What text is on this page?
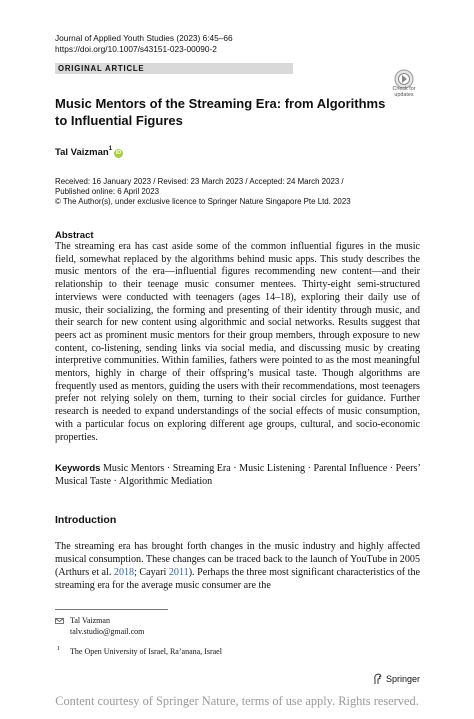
Journal of Applied Youth Studies (2023) 6:45–66
https://doi.org/10.1007/s43151-023-00090-2
ORIGINAL ARTICLE
Check for
updates
Music Mentors of the Streaming Era: from Algorithms
to Influential Figures
Tal Vaizman 1
iD
Received: 16 January 2023 / Revised: 23 March 2023 / Accepted: 24 March 2023 /
Published online: 6 April 2023
© The Author(s), under exclusive licence to Springer Nature Singapore Pte Ltd. 2023
Abstract
The streaming era has cast aside some of the common influential figures in the music field, somewhat replaced by the algorithms behind music apps. This study describes the music mentors of the era—influential figures recommending new content—and their relationship to their teenage music consumer mentees. Thirty-eight semi-structured interviews were conducted with teenagers (ages 14–18), exploring their daily use of music, their socializing, the forming and presenting of their identity through music, and their search for new content using algorithmic and social networks. Results suggest that peers act as prominent music mentors for their group members, through exposure to new content, co-listening, sending links via social media, and discussing music by creating interpretive communities. Within families, fathers were pointed to as the most meaningful mentors, highly in charge of their offspring’s musical taste. Though algorithms are frequently used as mentors, guiding the users with their recommendations, most teenagers prefer not relying solely on them, turning to their social circles for guidance. Further research is needed to expand understandings of the social effects of music consumption, with a particular focus on exploring different age groups, cultural, and socio-economic properties.
Keywords Music Mentors · Streaming Era · Music Listening · Parental Influence · Peers’ Musical Taste · Algorithmic Mediation
Introduction
The streaming era has brought forth changes in the music industry and highly affected musical consumption. These changes can be traced back to the launch of YouTube in 2005 (Arthurs et al. 2018; Cayari 2011). Perhaps the three most significant characteristics of the streaming era for the average music consumer are the
Tal Vaizman
talv.studio@gmail.com
1 The Open University of Israel, Ra’anana, Israel
Springer
Content courtesy of Springer Nature, terms of use apply. Rights reserved.
